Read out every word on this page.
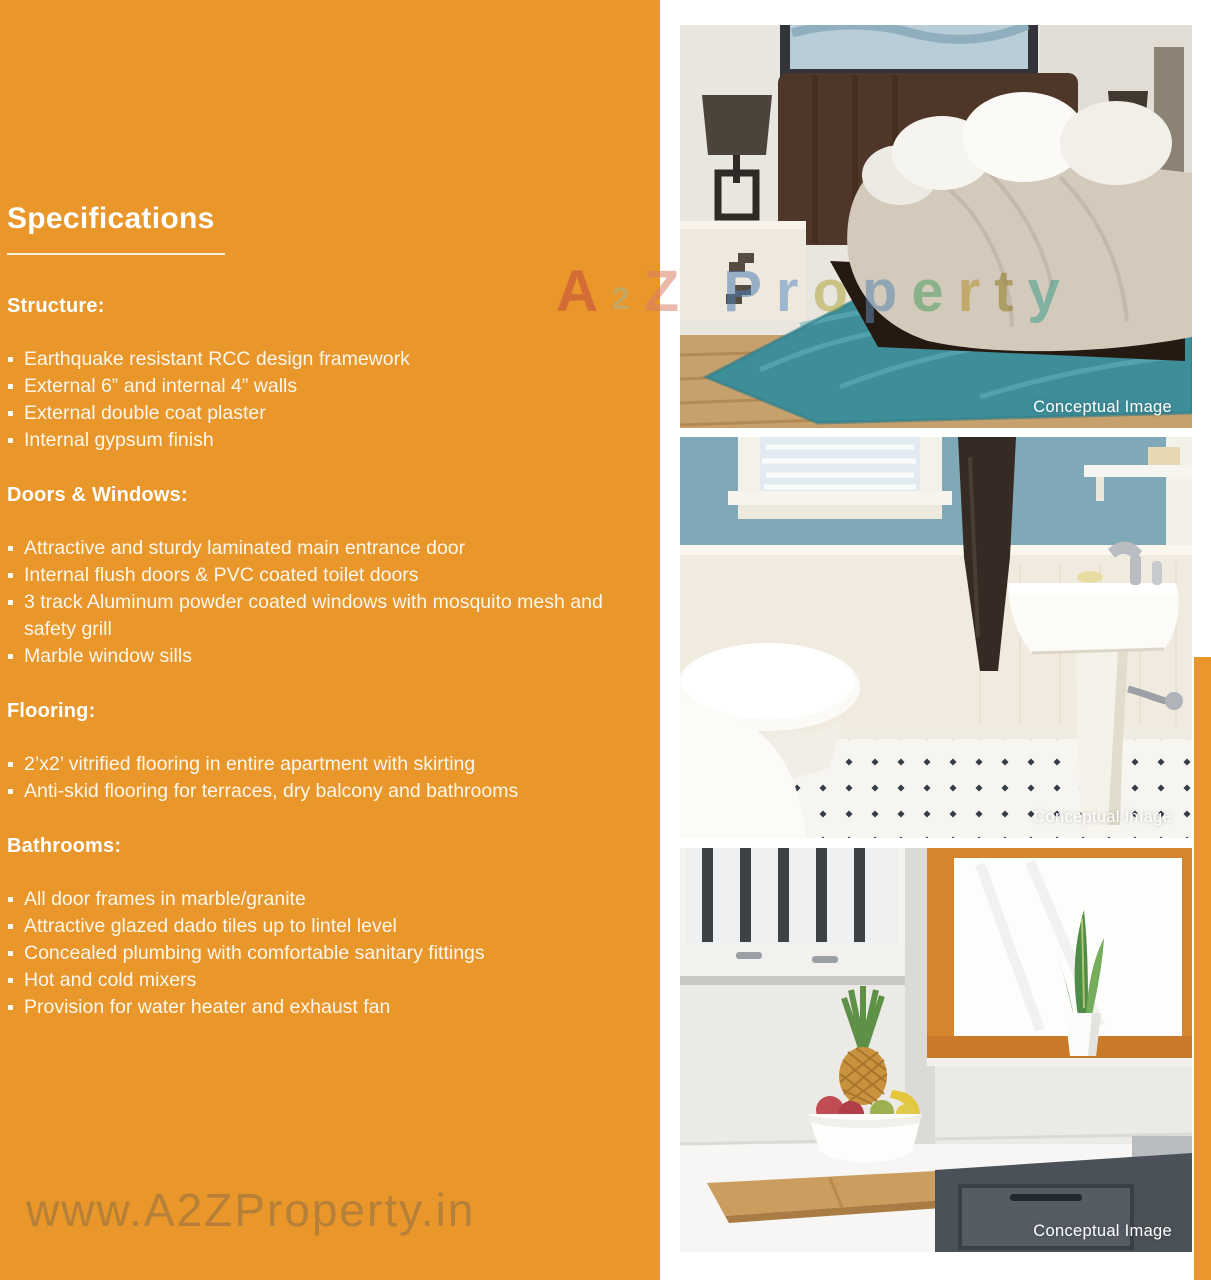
Specifications
Structure:
Earthquake resistant RCC design framework
External 6” and internal 4” walls
External double coat plaster
Internal gypsum finish
Doors & Windows:
Attractive and sturdy laminated main entrance door
Internal flush doors & PVC coated toilet doors
3 track Aluminum powder coated windows with mosquito mesh and safety grill
Marble window sills
Flooring:
2’x2’ vitrified flooring in entire apartment with skirting
Anti-skid flooring for terraces, dry balcony and bathrooms
Bathrooms:
All door frames in marble/granite
Attractive glazed dado tiles up to lintel level
Concealed plumbing with comfortable sanitary fittings
Hot and cold mixers
Provision for water heater and exhaust fan
Conceptual Image
Conceptual Image
Conceptual Image
A2Z Property
www.A2ZProperty.in
